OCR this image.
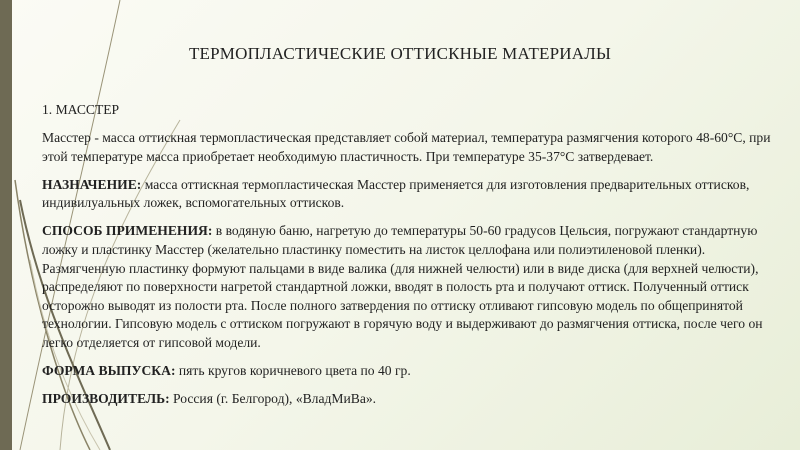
ТЕРМОПЛАСТИЧЕСКИЕ ОТТИСКНЫЕ МАТЕРИАЛЫ

1. МАССТЕР

Масстер - масса оттискная термопластическая представляет собой материал, температура размягчения которого 48-60°С, при этой температуре масса приобретает необходимую пластичность. При температуре 35-37°С затвердевает.

НАЗНАЧЕНИЕ: масса оттискная термопластическая Масстер применяется для изготовления предварительных оттисков, индивилуальных ложек, вспомогательных оттисков.

СПОСОБ ПРИМЕНЕНИЯ: в водяную баню, нагретую до температуры 50-60 градусов Цельсия, погружают стандартную ложку и пластинку Масстер (желательно пластинку поместить на листок целлофана или полиэтиленовой пленки). Размягченную пластинку формуют пальцами в виде валика (для нижней челюсти) или в виде диска (для верхней челюсти), распределяют по поверхности нагретой стандартной ложки, вводят в полость рта и получают оттиск. Полученный оттиск осторожно выводят из полости рта. После полного затвердения по оттиску отливают гипсовую модель по общепринятой технологии. Гипсовую модель с оттиском погружают в горячую воду и выдерживают до размягчения оттиска, после чего он легко отделяется от гипсовой модели.

ФОРМА ВЫПУСКА: пять кругов коричневого цвета по 40 гр.

ПРОИЗВОДИТЕЛЬ: Россия (г. Белгород), «ВладМиВа».
